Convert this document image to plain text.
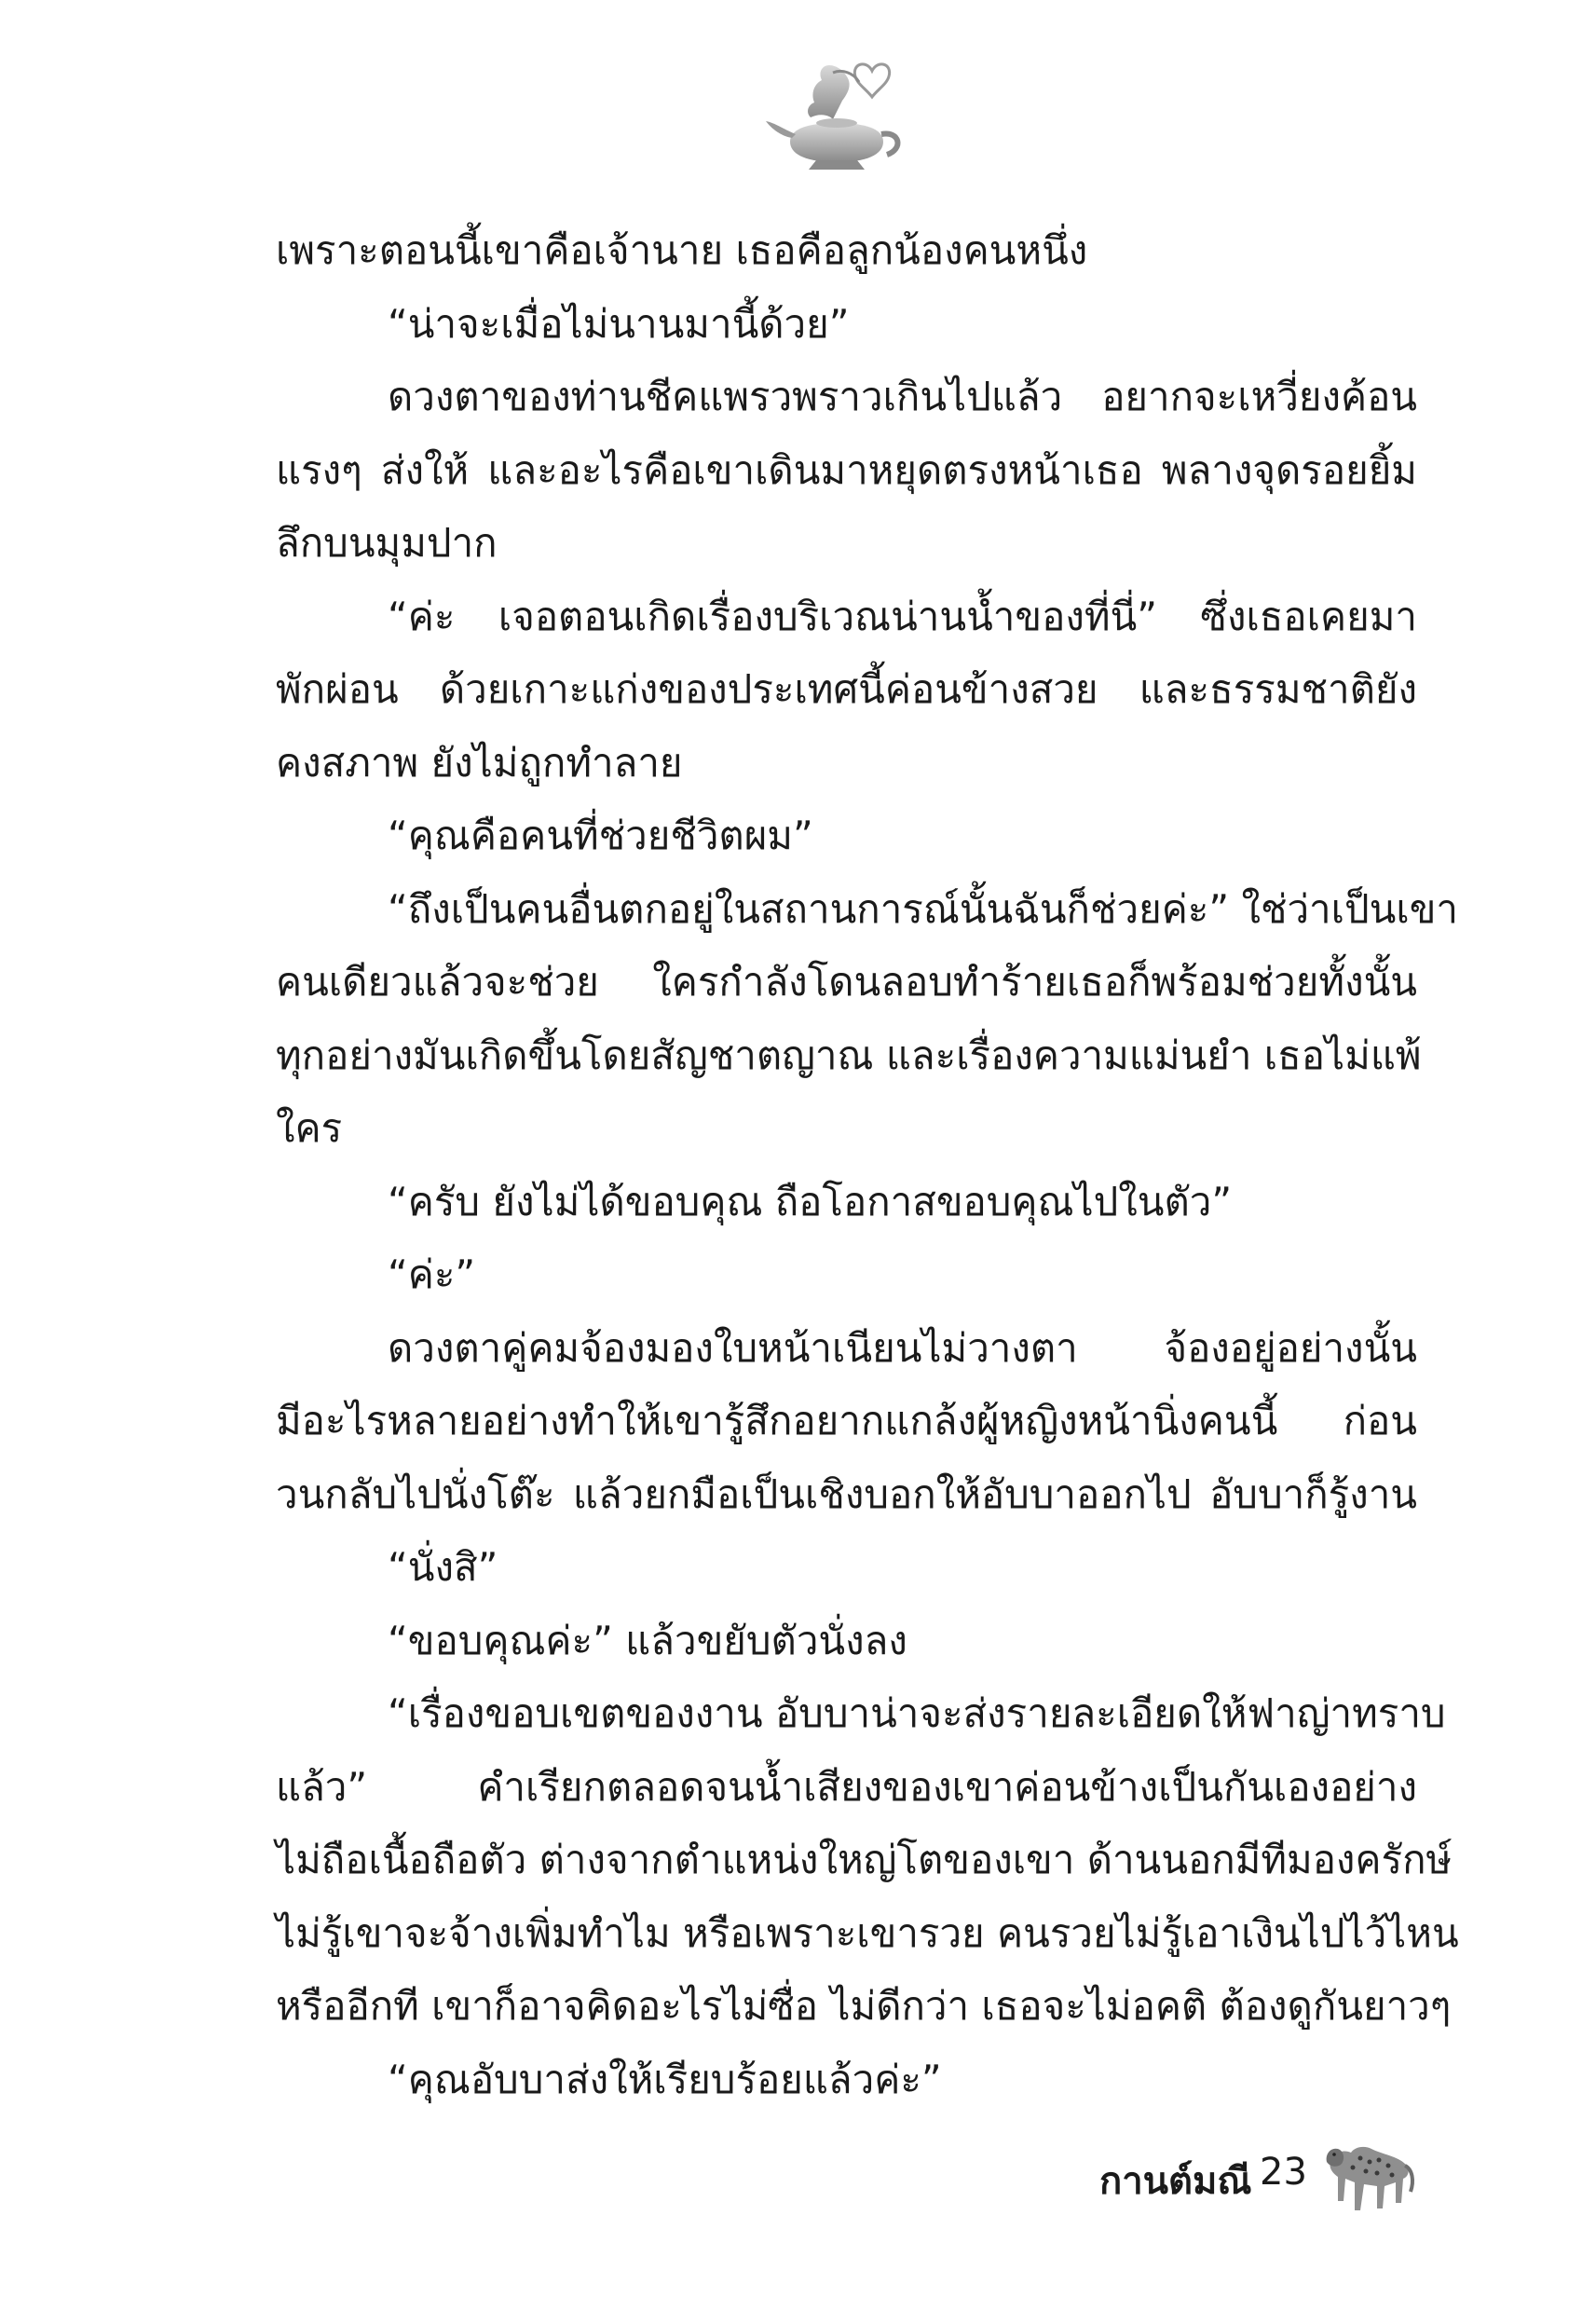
เพราะตอนนี้เขาคือเจ้านาย เธอคือลูกน้องคนหนึ่ง
“น่าจะเมื่อไม่นานมานี้ด้วย”
ดวงตาของท่านชีคแพรวพราวเกินไปแล้ว อยากจะเหวี่ยงค้อน
แรงๆ ส่งให้ และอะไรคือเขาเดินมาหยุดตรงหน้าเธอ พลางจุดรอยยิ้ม
ลึกบนมุมปาก
“ค่ะ เจอตอนเกิดเรื่องบริเวณน่านน้ำของที่นี่” ซึ่งเธอเคยมา
พักผ่อน ด้วยเกาะแก่งของประเทศนี้ค่อนข้างสวย และธรรมชาติยัง
คงสภาพ ยังไม่ถูกทำลาย
“คุณคือคนที่ช่วยชีวิตผม”
“ถึงเป็นคนอื่นตกอยู่ในสถานการณ์นั้นฉันก็ช่วยค่ะ” ใช่ว่าเป็นเขา
คนเดียวแล้วจะช่วย ใครกำลังโดนลอบทำร้ายเธอก็พร้อมช่วยทั้งนั้น
ทุกอย่างมันเกิดขึ้นโดยสัญชาตญาณ และเรื่องความแม่นยำ เธอไม่แพ้
ใคร
“ครับ ยังไม่ได้ขอบคุณ ถือโอกาสขอบคุณไปในตัว”
“ค่ะ”
ดวงตาคู่คมจ้องมองใบหน้าเนียนไม่วางตา จ้องอยู่อย่างนั้น
มีอะไรหลายอย่างทำให้เขารู้สึกอยากแกล้งผู้หญิงหน้านิ่งคนนี้ ก่อน
วนกลับไปนั่งโต๊ะ แล้วยกมือเป็นเชิงบอกให้อับบาออกไป อับบาก็รู้งาน
“นั่งสิ”
“ขอบคุณค่ะ” แล้วขยับตัวนั่งลง
“เรื่องขอบเขตของงาน อับบาน่าจะส่งรายละเอียดให้ฟาญ่าทราบ
แล้ว” คำเรียกตลอดจนน้ำเสียงของเขาค่อนข้างเป็นกันเองอย่าง
ไม่ถือเนื้อถือตัว ต่างจากตำแหน่งใหญ่โตของเขา ด้านนอกมีทีมองครักษ์
ไม่รู้เขาจะจ้างเพิ่มทำไม หรือเพราะเขารวย คนรวยไม่รู้เอาเงินไปไว้ไหน
หรืออีกที เขาก็อาจคิดอะไรไม่ซื่อ ไม่ดีกว่า เธอจะไม่อคติ ต้องดูกันยาวๆ
“คุณอับบาส่งให้เรียบร้อยแล้วค่ะ”
กานต์มณี 23
